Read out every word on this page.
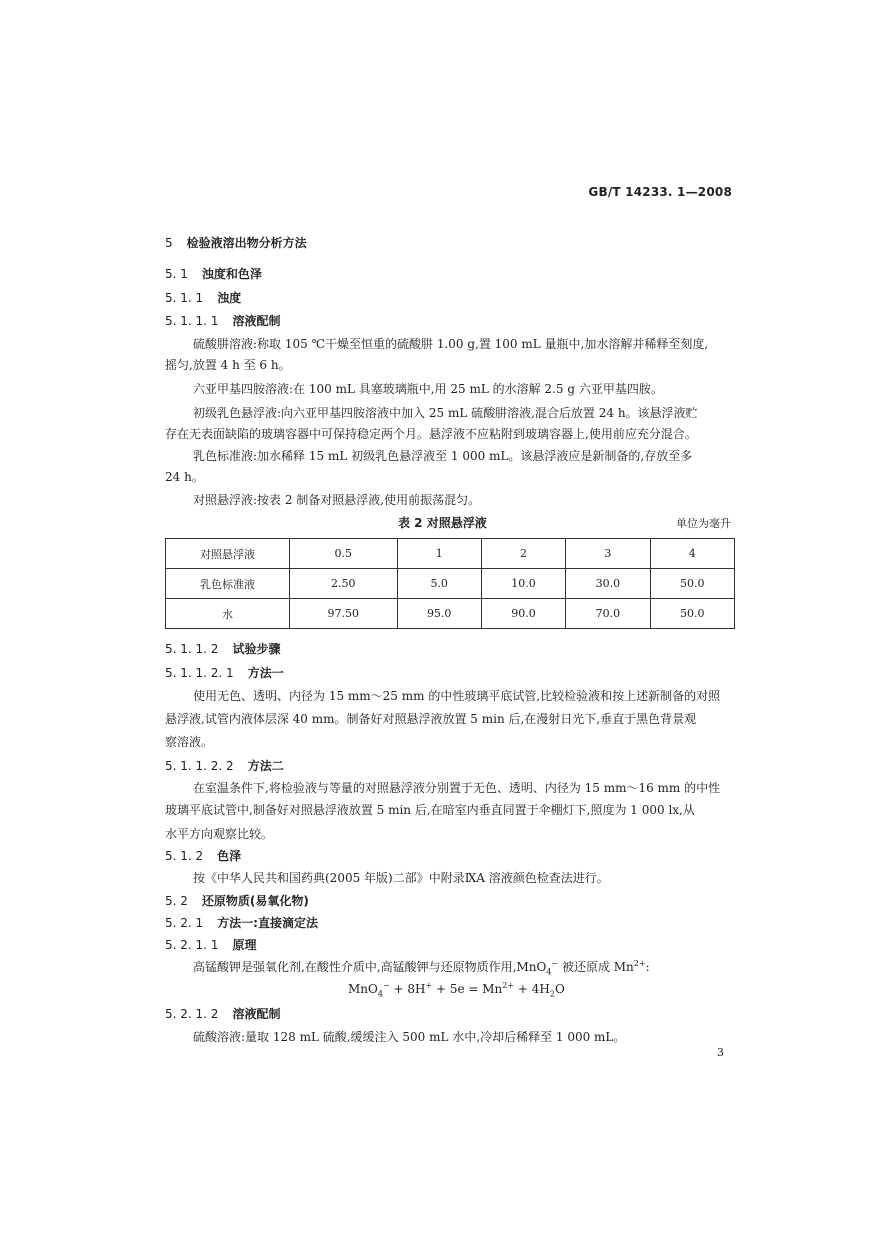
GB/T 14233. 1—2008
5 检验液溶出物分析方法
5. 1 浊度和色泽
5. 1. 1 浊度
5. 1. 1. 1 溶液配制
硫酸肼溶液:称取 105 ℃干燥至恒重的硫酸肼 1.00 g,置 100 mL 量瓶中,加水溶解并稀释至刻度,
摇匀,放置 4 h 至 6 h。
六亚甲基四胺溶液:在 100 mL 具塞玻璃瓶中,用 25 mL 的水溶解 2.5 g 六亚甲基四胺。
初级乳色悬浮液:向六亚甲基四胺溶液中加入 25 mL 硫酸肼溶液,混合后放置 24 h。该悬浮液贮
存在无表面缺陷的玻璃容器中可保持稳定两个月。悬浮液不应粘附到玻璃容器上,使用前应充分混合。
乳色标准液:加水稀释 15 mL 初级乳色悬浮液至 1 000 mL。该悬浮液应是新制备的,存放至多
24 h。
对照悬浮液:按表 2 制备对照悬浮液,使用前振荡混匀。
表 2 对照悬浮液	单位为毫升
对照悬浮液	0.5	1	2	3	4
乳色标准液	2.50	5.0	10.0	30.0	50.0
水	97.50	95.0	90.0	70.0	50.0
5. 1. 1. 2 试验步骤
5. 1. 1. 2. 1 方法一
使用无色、透明、内径为 15 mm～25 mm 的中性玻璃平底试管,比较检验液和按上述新制备的对照
悬浮液,试管内液体层深 40 mm。制备好对照悬浮液放置 5 min 后,在漫射日光下,垂直于黑色背景观
察溶液。
5. 1. 1. 2. 2 方法二
在室温条件下,将检验液与等量的对照悬浮液分别置于无色、透明、内径为 15 mm～16 mm 的中性
玻璃平底试管中,制备好对照悬浮液放置 5 min 后,在暗室内垂直同置于伞棚灯下,照度为 1 000 lx,从
水平方向观察比较。
5. 1. 2 色泽
按《中华人民共和国药典(2005 年版)二部》中附录ⅨA 溶液颜色检查法进行。
5. 2 还原物质(易氧化物)
5. 2. 1 方法一:直接滴定法
5. 2. 1. 1 原理
高锰酸钾是强氧化剂,在酸性介质中,高锰酸钾与还原物质作用,MnO$_4$− 被还原成 $Mn^{2+}$:
$MnO_4^- + 8H^+ + 5e = Mn^{2+} + 4H_2O$
5. 2. 1. 2 溶液配制
硫酸溶液:量取 128 mL 硫酸,缓缓注入 500 mL 水中,冷却后稀释至 1 000 mL。
3
